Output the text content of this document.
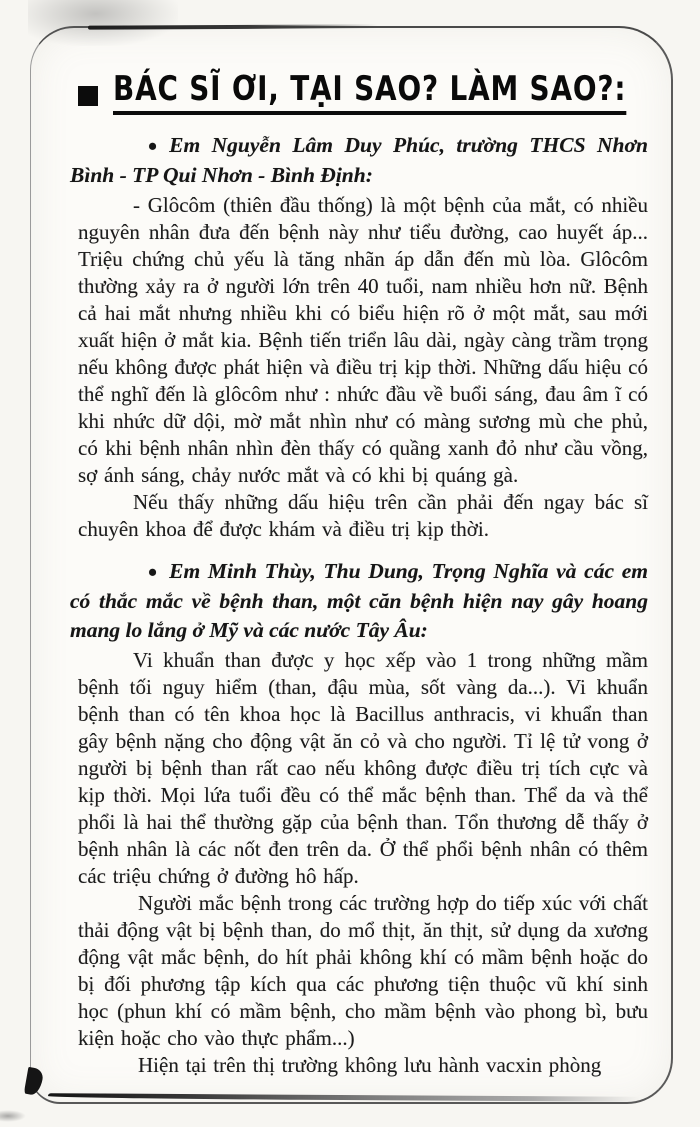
BÁC SĨ ƠI, TẠI SAO? LÀM SAO?:

• Em Nguyễn Lâm Duy Phúc, trường THCS Nhơn Bình - TP Qui Nhơn - Bình Định:

- Glôcôm (thiên đầu thống) là một bệnh của mắt, có nhiều nguyên nhân đưa đến bệnh này như tiểu đường, cao huyết áp... Triệu chứng chủ yếu là tăng nhãn áp dẫn đến mù lòa. Glôcôm thường xảy ra ở người lớn trên 40 tuổi, nam nhiều hơn nữ. Bệnh cả hai mắt nhưng nhiều khi có biểu hiện rõ ở một mắt, sau mới xuất hiện ở mắt kia. Bệnh tiến triển lâu dài, ngày càng trầm trọng nếu không được phát hiện và điều trị kịp thời. Những dấu hiệu có thể nghĩ đến là glôcôm như : nhức đầu về buổi sáng, đau âm ĩ có khi nhức dữ dội, mờ mắt nhìn như có màng sương mù che phủ, có khi bệnh nhân nhìn đèn thấy có quầng xanh đỏ như cầu vồng, sợ ánh sáng, chảy nước mắt và có khi bị quáng gà.

Nếu thấy những dấu hiệu trên cần phải đến ngay bác sĩ chuyên khoa để được khám và điều trị kịp thời.

• Em Minh Thùy, Thu Dung, Trọng Nghĩa và các em có thắc mắc về bệnh than, một căn bệnh hiện nay gây hoang mang lo lắng ở Mỹ và các nước Tây Âu:

Vi khuẩn than được y học xếp vào 1 trong những mầm bệnh tối nguy hiểm (than, đậu mùa, sốt vàng da...). Vi khuẩn bệnh than có tên khoa học là Bacillus anthracis, vi khuẩn than gây bệnh nặng cho động vật ăn cỏ và cho người. Tỉ lệ tử vong ở người bị bệnh than rất cao nếu không được điều trị tích cực và kịp thời. Mọi lứa tuổi đều có thể mắc bệnh than. Thể da và thể phổi là hai thể thường gặp của bệnh than. Tổn thương dễ thấy ở bệnh nhân là các nốt đen trên da. Ở thể phổi bệnh nhân có thêm các triệu chứng ở đường hô hấp.

Người mắc bệnh trong các trường hợp do tiếp xúc với chất thải động vật bị bệnh than, do mổ thịt, ăn thịt, sử dụng da xương động vật mắc bệnh, do hít phải không khí có mầm bệnh hoặc do bị đối phương tập kích qua các phương tiện thuộc vũ khí sinh học (phun khí có mầm bệnh, cho mầm bệnh vào phong bì, bưu kiện hoặc cho vào thực phẩm...)

Hiện tại trên thị trường không lưu hành vacxin phòng
